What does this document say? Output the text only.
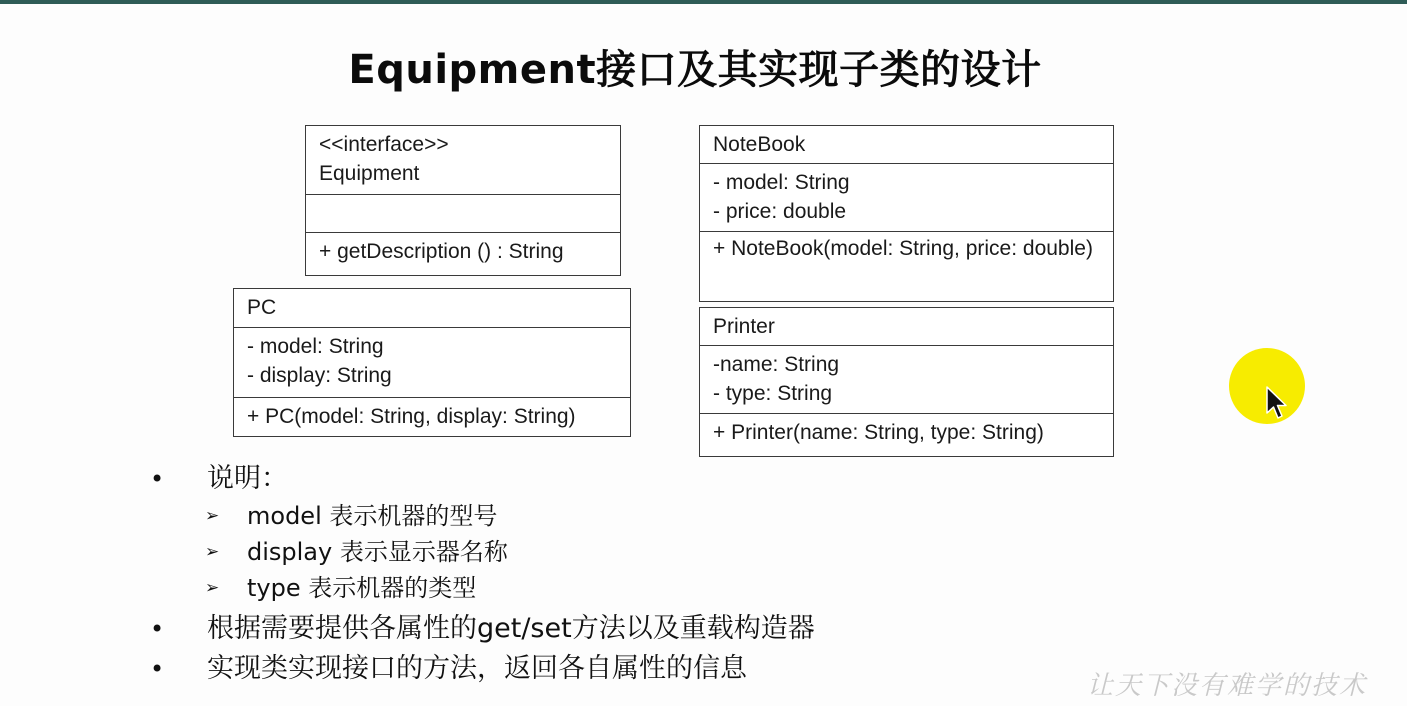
Equipment接口及其实现子类的设计
<<interface>>
Equipment
+ getDescription () : String
PC
- model: String
- display: String
+ PC(model: String, display: String)
NoteBook
- model: String
- price: double
+ NoteBook(model: String, price: double)
Printer
-name: String
- type: String
+ Printer(name: String, type: String)
• 说明：
➢ model 表示机器的型号
➢ display 表示显示器名称
➢ type 表示机器的类型
• 根据需要提供各属性的get/set方法以及重载构造器
• 实现类实现接口的方法，返回各自属性的信息
让天下没有难学的技术
